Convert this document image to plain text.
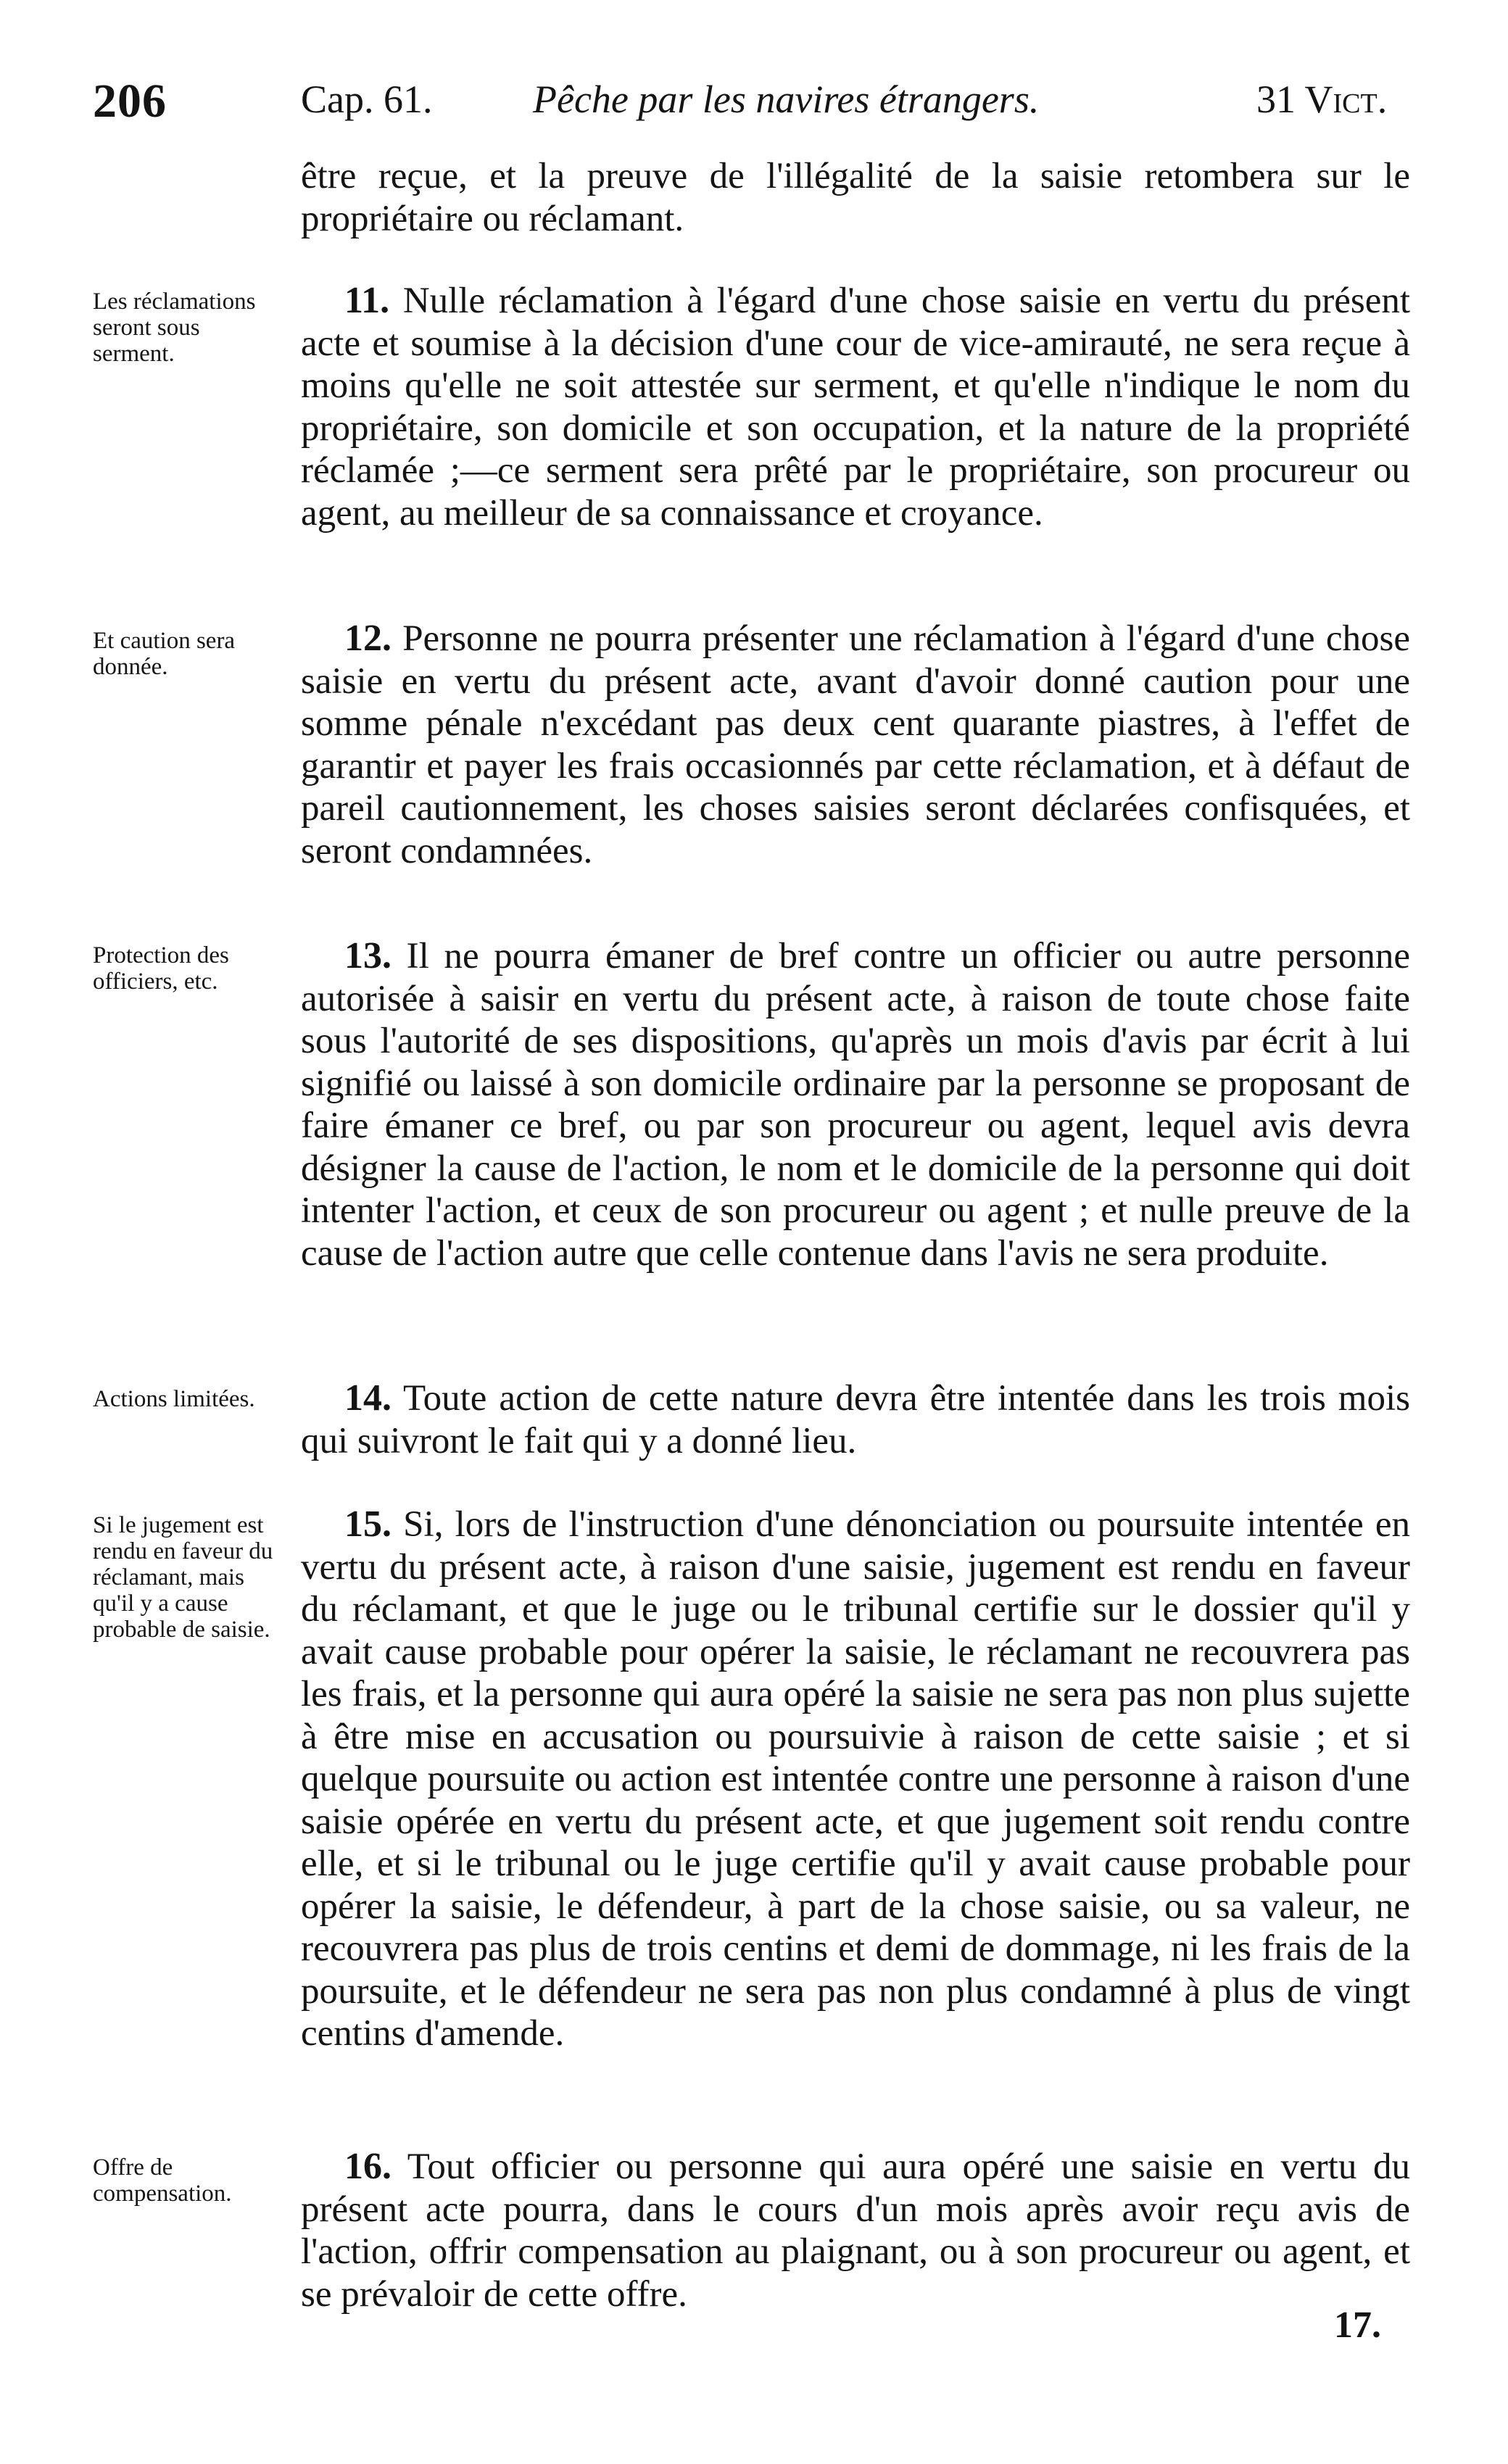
206	Cap. 61.	Pêche par les navires étrangers.	31 Vict.

être reçue, et la preuve de l'illégalité de la saisie retombera sur le propriétaire ou réclamant.

Les réclamations seront sous serment.

11. Nulle réclamation à l'égard d'une chose saisie en vertu du présent acte et soumise à la décision d'une cour de vice-amirauté, ne sera reçue à moins qu'elle ne soit attestée sur serment, et qu'elle n'indique le nom du propriétaire, son domicile et son occupation, et la nature de la propriété réclamée ;—ce serment sera prêté par le propriétaire, son procureur ou agent, au meilleur de sa connaissance et croyance.

Et caution sera donnée.

12. Personne ne pourra présenter une réclamation à l'égard d'une chose saisie en vertu du présent acte, avant d'avoir donné caution pour une somme pénale n'excédant pas deux cent quarante piastres, à l'effet de garantir et payer les frais occasionnés par cette réclamation, et à défaut de pareil cautionnement, les choses saisies seront déclarées confisquées, et seront condamnées.

Protection des officiers, etc.

13. Il ne pourra émaner de bref contre un officier ou autre personne autorisée à saisir en vertu du présent acte, à raison de toute chose faite sous l'autorité de ses dispositions, qu'après un mois d'avis par écrit à lui signifié ou laissé à son domicile ordinaire par la personne se proposant de faire émaner ce bref, ou par son procureur ou agent, lequel avis devra désigner la cause de l'action, le nom et le domicile de la personne qui doit intenter l'action, et ceux de son procureur ou agent ; et nulle preuve de la cause de l'action autre que celle contenue dans l'avis ne sera produite.

Actions limitées.	14. Toute action de cette nature devra être intentée dans les trois mois qui suivront le fait qui y a donné lieu.

Si le jugement est rendu en faveur du réclamant, mais qu'il y a cause probable de saisie.

15. Si, lors de l'instruction d'une dénonciation ou poursuite intentée en vertu du présent acte, à raison d'une saisie, jugement est rendu en faveur du réclamant, et que le juge ou le tribunal certifie sur le dossier qu'il y avait cause probable pour opérer la saisie, le réclamant ne recouvrera pas les frais, et la personne qui aura opéré la saisie ne sera pas non plus sujette à être mise en accusation ou poursuivie à raison de cette saisie ; et si quelque poursuite ou action est intentée contre une personne à raison d'une saisie opérée en vertu du présent acte, et que jugement soit rendu contre elle, et si le tribunal ou le juge certifie qu'il y avait cause probable pour opérer la saisie, le défendeur, à part de la chose saisie, ou sa valeur, ne recouvrera pas plus de trois centins et demi de dommage, ni les frais de la poursuite, et le défendeur ne sera pas non plus condamné à plus de vingt centins d'amende.

Offre de compensation.

16. Tout officier ou personne qui aura opéré une saisie en vertu du présent acte pourra, dans le cours d'un mois après avoir reçu avis de l'action, offrir compensation au plaignant, ou à son procureur ou agent, et se prévaloir de cette offre.

17.
